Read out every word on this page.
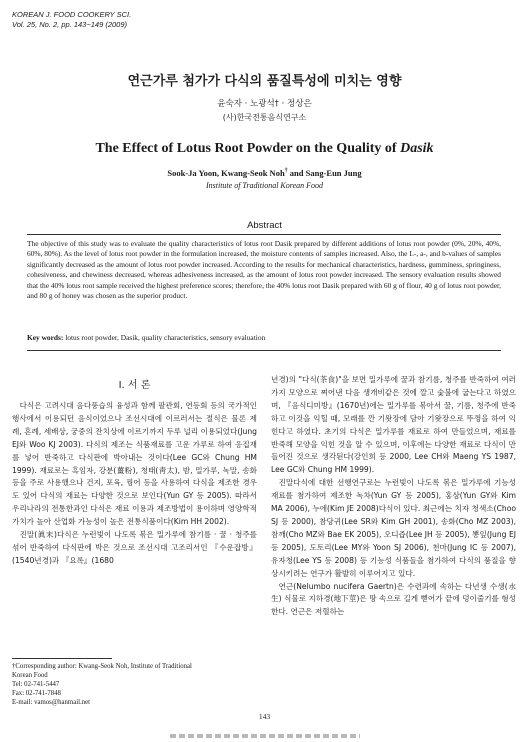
KOREAN J. FOOD COOKERY SCI.
Vol. 25, No. 2, pp. 143~149 (2009)
연근가루 첨가가 다식의 품질특성에 미치는 영향
윤숙자 · 노광석† · 정상은
(사)한국전통음식연구소
The Effect of Lotus Root Powder on the Quality of Dasik
Sook-Ja Yoon, Kwang-Seok Noh† and Sang-Eun Jung
Institute of Traditional Korean Food
Abstract

The objective of this study was to evaluate the quality characteristics of lotus root Dasik prepared by different additions of lotus root powder (0%, 20%, 40%, 60%, 80%). As the level of lotus root powder in the formulation increased, the moisture contents of samples increased. Also, the L-, a-, and b-values of samples significantly decreased as the amount of lotus root powder increased. According to the results for mechanical characteristics, hardness, gumminess, springiness, cohesiveness, and chewiness decreased, whereas adhesiveness increased, as the amount of lotus root powder increased. The sensory evaluation results showed that the 40% lotus root sample received the highest preference scores; therefore, the 40% lotus root Dasik prepared with 60 g of flour, 40 g of lotus root powder, and 80 g of honey was chosen as the superior product.

Key words: lotus root powder, Dasik, quality characteristics, sensory evaluation
I. 서 론

다식은 고려시대 음다풍습의 융성과 함께 팔관회, 연등회 등의 국가적인 행사에서 이용되던 음식이었으나 조선시대에 이르러서는 절식은 물론 제례, 혼례, 세배상, 궁중의 잔치상에 이르기까지 두루 널리 이용되었다(Jung EJ와 Woo KJ 2003). 다식의 제조는 식품재료를 고운 가루로 하여 응집재를 넣어 반죽하고 다식판에 박아내는 것이다(Lee GC와 Chung HM 1999). 재료로는 흑임자, 강분(薑粉), 청태(靑太), 밤, 밀가루, 녹말, 송화 등을 주로 사용했으나 건지, 포육, 꿩어 등을 사용하여 다식을 제조한 경우도 있어 다식의 재료는 다양한 것으로 보인다(Yun GY 등 2005). 따라서 우리나라의 전통한과인 다식은 재료 이용과 제조방법이 용이하며 영양학적 가치가 높아 산업화 가능성이 높은 전통식품이다(Kim HH 2002).

진말(眞末)다식은 누런빛이 나도록 볶은 밀가루에 참기름 · 꿀 · 청주를 섞어 반죽하여 다식판에 박은 것으로 조선시대 고조리서인 『수운잡방』(1540년경)과 『요록』(1680

년경)의 "다식(茶食)"을 보면 밀가루에 꿀과 참기름, 청주를 반죽하여 여러 가지 모양으로 쪄어낸 다음 생개비같은 것에 깔고 숯불에 굽는다고 하였으며, 『음식디미방』(1670년)에는 밀가루를 볶아서 꿀, 기름, 청주에 반죽하고 이것을 익힐 때, 모래를 깐 기왓장에 담아 기왓장으로 뚜껑을 하여 익힌다고 하였다. 초기의 다식은 밀가루를 재료로 하여 만들었으며, 재료를 반죽해 모양을 익힌 것을 알 수 있으며, 이후에는 다양한 재료로 다식이 만들어진 것으로 생각된다(강인희 등 2000, Lee CH와 Maeng YS 1987, Lee GC와 Chung HM 1999).

진말다식에 대한 선행연구로는 누런빛이 나도록 볶은 밀가루에 기능성 재료를 첨가하여 제조한 녹차(Yun GY 등 2005), 홍삼(Yun GY와 Kim MA 2006), 누에(Kim JE 2008)다식이 있다. 최근에는 치자 청색소(Choo SJ 등 2000), 참당귀(Lee SR와 Kim GH 2001), 송화(Cho MZ 2003), 참깨(Cho MZ와 Bae EK 2005), 오디즙(Lee JH 등 2005), 뽕잎(Jung EJ 등 2005), 도토리(Lee MY와 Yoon SJ 2006), 천마(Jung IC 등 2007), 유자청(Lee YS 등 2008) 등 기능성 식품들을 첨가하여 다식의 품질을 향상시키려는 연구가 활발히 이루어지고 있다.

연근(Nelumbo nucifera Gaertn)은 수련과에 속하는 다년생 수생(水生) 식물로 지하경(地下莖)은 땅 속으로 길게 뻗어가 끝에 덩이줄기를 형성한다. 연근은 저혈하는

†Corresponding author: Kwang-Seok Noh, Institute of Traditional
Korean Food
Tel: 02-741-5447
Fax: 02-741-7848
E-mail: vamos@hanmail.net
143
